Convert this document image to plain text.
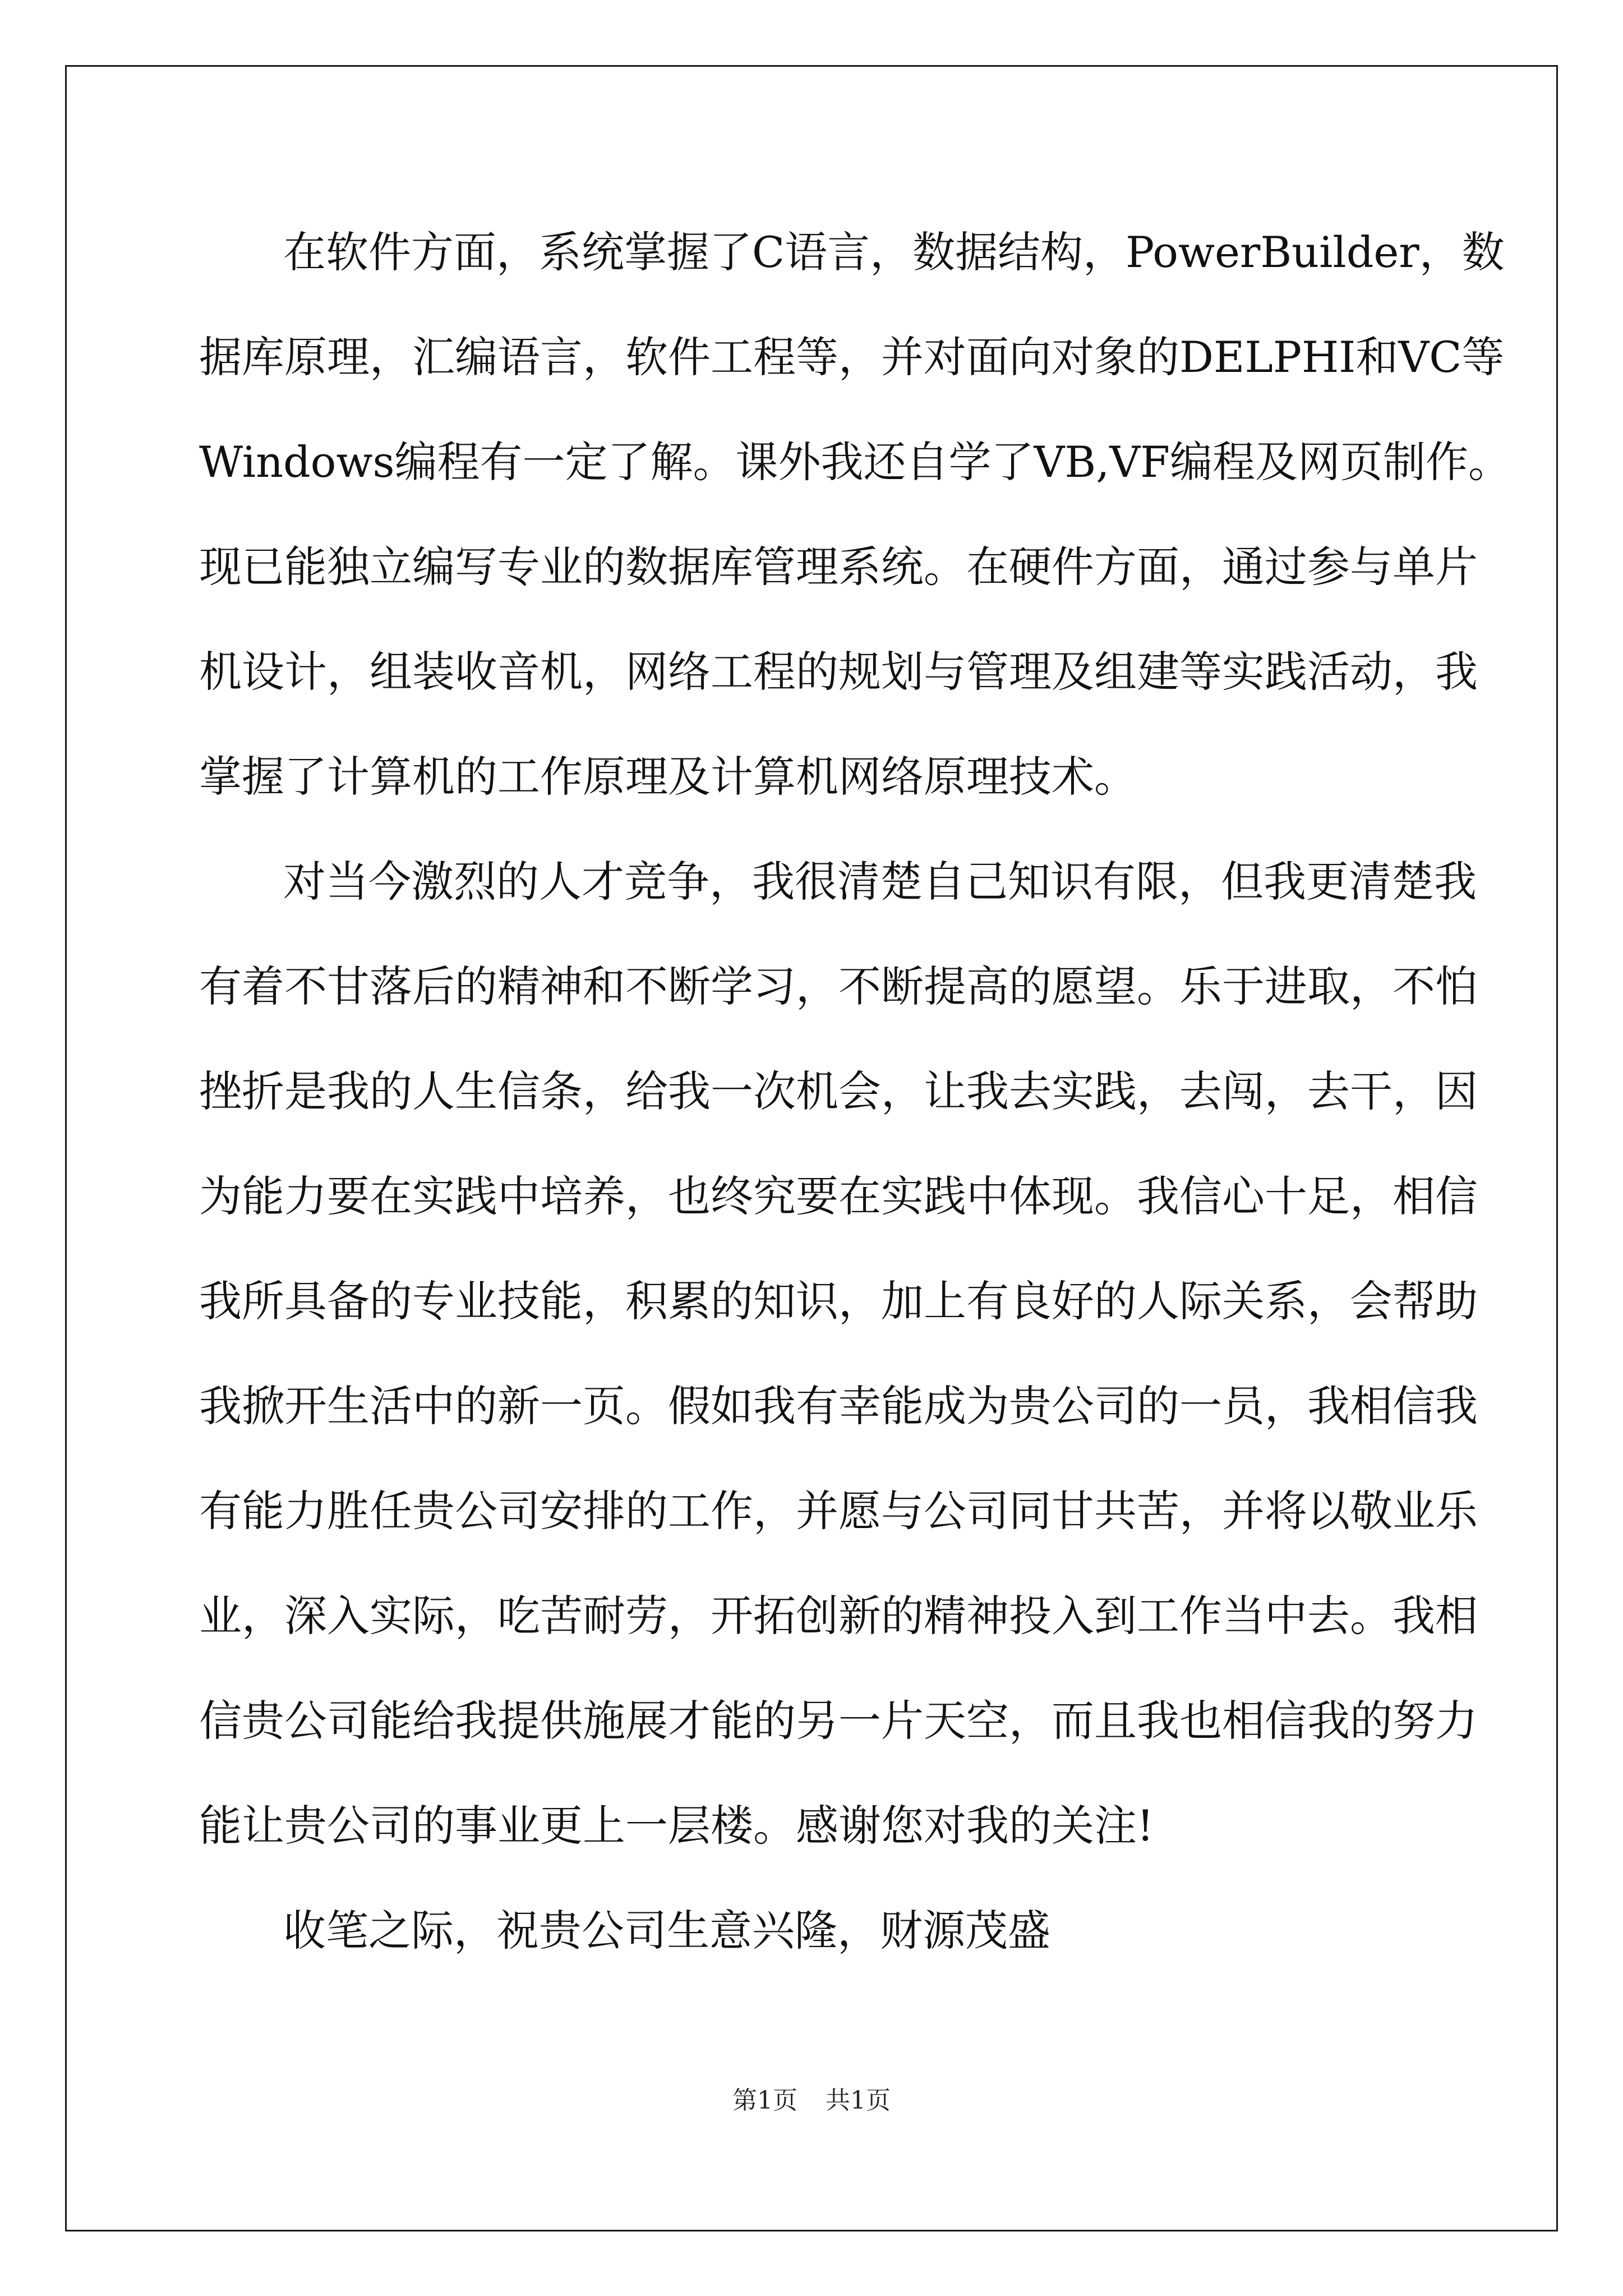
在软件方面，系统掌握了C语言，数据结构，PowerBuilder，数
据库原理，汇编语言，软件工程等，并对面向对象的DELPHI和VC等
Windows编程有一定了解。课外我还自学了VB,VF编程及网页制作。
现已能独立编写专业的数据库管理系统。在硬件方面，通过参与单片
机设计，组装收音机，网络工程的规划与管理及组建等实践活动，我
掌握了计算机的工作原理及计算机网络原理技术。
对当今激烈的人才竞争，我很清楚自己知识有限，但我更清楚我
有着不甘落后的精神和不断学习，不断提高的愿望。乐于进取，不怕
挫折是我的人生信条，给我一次机会，让我去实践，去闯，去干，因
为能力要在实践中培养，也终究要在实践中体现。我信心十足，相信
我所具备的专业技能，积累的知识，加上有良好的人际关系，会帮助
我掀开生活中的新一页。假如我有幸能成为贵公司的一员，我相信我
有能力胜任贵公司安排的工作，并愿与公司同甘共苦，并将以敬业乐
业，深入实际，吃苦耐劳，开拓创新的精神投入到工作当中去。我相
信贵公司能给我提供施展才能的另一片天空，而且我也相信我的努力
能让贵公司的事业更上一层楼。感谢您对我的关注!
收笔之际，祝贵公司生意兴隆，财源茂盛
第1页 共1页
